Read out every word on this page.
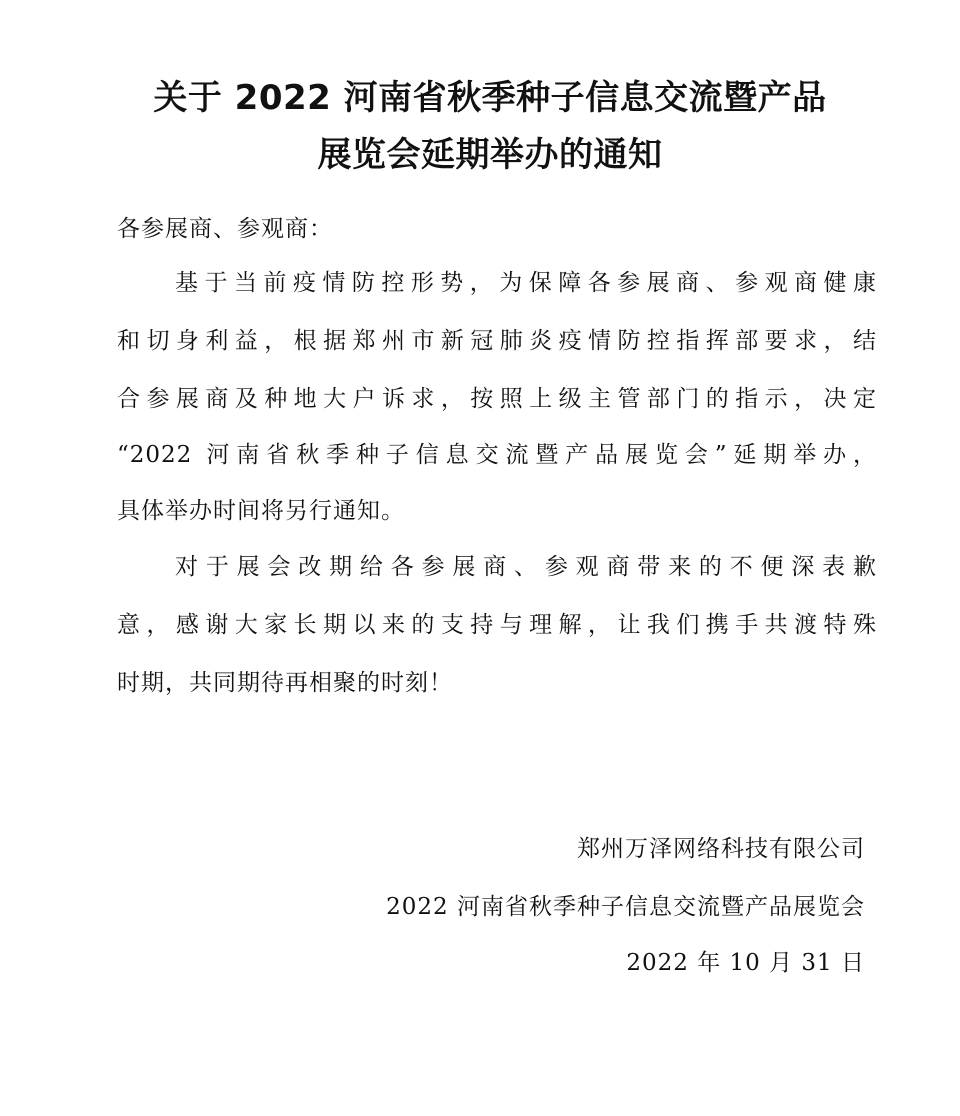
关于 2022 河南省秋季种子信息交流暨产品
展览会延期举办的通知
各参展商、参观商：
基于当前疫情防控形势，为保障各参展商、参观商健康
和切身利益，根据郑州市新冠肺炎疫情防控指挥部要求，结
合参展商及种地大户诉求，按照上级主管部门的指示，决定
“2022 河南省秋季种子信息交流暨产品展览会”延期举办，
具体举办时间将另行通知。
对于展会改期给各参展商、参观商带来的不便深表歉
意，感谢大家长期以来的支持与理解，让我们携手共渡特殊
时期，共同期待再相聚的时刻！
郑州万泽网络科技有限公司
2022 河南省秋季种子信息交流暨产品展览会
2022 年 10 月 31 日
